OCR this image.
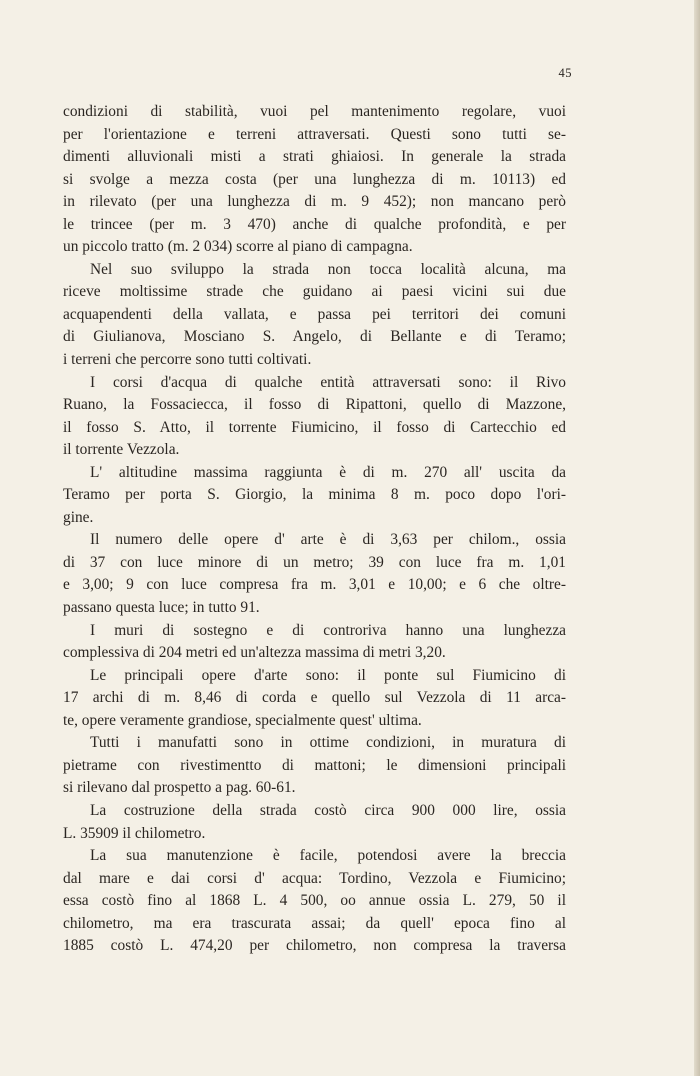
45
condizioni di stabilità, vuoi pel mantenimento regolare, vuoi
per l'orientazione e terreni attraversati. Questi sono tutti se-
dimenti alluvionali misti a strati ghiaiosi. In generale la strada
si svolge a mezza costa (per una lunghezza di m. 10113) ed
in rilevato (per una lunghezza di m. 9 452); non mancano però
le trincee (per m. 3 470) anche di qualche profondità, e per
un piccolo tratto (m. 2 034) scorre al piano di campagna.
Nel suo sviluppo la strada non tocca località alcuna, ma
riceve moltissime strade che guidano ai paesi vicini sui due
acquapendenti della vallata, e passa pei territori dei comuni
di Giulianova, Mosciano S. Angelo, di Bellante e di Teramo;
i terreni che percorre sono tutti coltivati.
I corsi d'acqua di qualche entità attraversati sono: il Rivo
Ruano, la Fossaciecca, il fosso di Ripattoni, quello di Mazzone,
il fosso S. Atto, il torrente Fiumicino, il fosso di Cartecchio ed
il torrente Vezzola.
L' altitudine massima raggiunta è di m. 270 all' uscita da
Teramo per porta S. Giorgio, la minima 8 m. poco dopo l'ori-
gine.
Il numero delle opere d' arte è di 3,63 per chilom., ossia
di 37 con luce minore di un metro; 39 con luce fra m. 1,01
e 3,00; 9 con luce compresa fra m. 3,01 e 10,00; e 6 che oltre-
passano questa luce; in tutto 91.
I muri di sostegno e di controriva hanno una lunghezza
complessiva di 204 metri ed un'altezza massima di metri 3,20.
Le principali opere d'arte sono: il ponte sul Fiumicino di
17 archi di m. 8,46 di corda e quello sul Vezzola di 11 arca-
te, opere veramente grandiose, specialmente quest' ultima.
Tutti i manufatti sono in ottime condizioni, in muratura di
pietrame con rivestimentto di mattoni; le dimensioni principali
si rilevano dal prospetto a pag. 60-61.
La costruzione della strada costò circa 900 000 lire, ossia
L. 35909 il chilometro.
La sua manutenzione è facile, potendosi avere la breccia
dal mare e dai corsi d' acqua: Tordino, Vezzola e Fiumicino;
essa costò fino al 1868 L. 4 500, oo annue ossia L. 279, 50 il
chilometro, ma era trascurata assai; da quell' epoca fino al
1885 costò L. 474,20 per chilometro, non compresa la traversa
